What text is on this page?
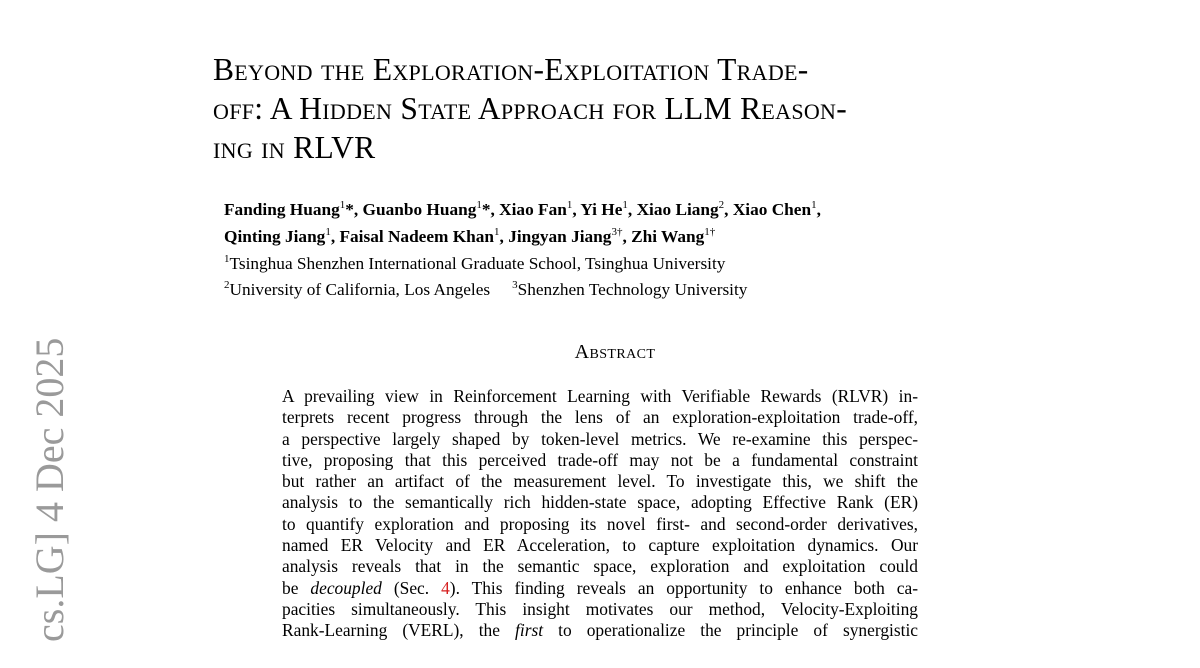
cs.LG] 4 Dec 2025
Beyond the Exploration-Exploitation Trade-
off: A Hidden State Approach for LLM Reason-
ing in RLVR
Fanding Huang$^1$*, Guanbo Huang$^1$*, Xiao Fan$^1$, Yi He$^1$, Xiao Liang$^2$, Xiao Chen$^1$,
Qinting Jiang$^1$, Faisal Nadeem Khan$^1$, Jingyan Jiang$^{3\dagger}$, Zhi Wang$^{1\dagger}$
$^1$Tsinghua Shenzhen International Graduate School, Tsinghua University
$^2$University of California, Los Angeles $^3$Shenzhen Technology University
Abstract
A prevailing view in Reinforcement Learning with Verifiable Rewards (RLVR) in-
terprets recent progress through the lens of an exploration-exploitation trade-off,
a perspective largely shaped by token-level metrics. We re-examine this perspec-
tive, proposing that this perceived trade-off may not be a fundamental constraint
but rather an artifact of the measurement level. To investigate this, we shift the
analysis to the semantically rich hidden-state space, adopting Effective Rank (ER)
to quantify exploration and proposing its novel first- and second-order derivatives,
named ER Velocity and ER Acceleration, to capture exploitation dynamics. Our
analysis reveals that in the semantic space, exploration and exploitation could
be decoupled (Sec. 4). This finding reveals an opportunity to enhance both ca-
pacities simultaneously. This insight motivates our method, Velocity-Exploiting
Rank-Learning (VERL), the first to operationalize the principle of synergistic
